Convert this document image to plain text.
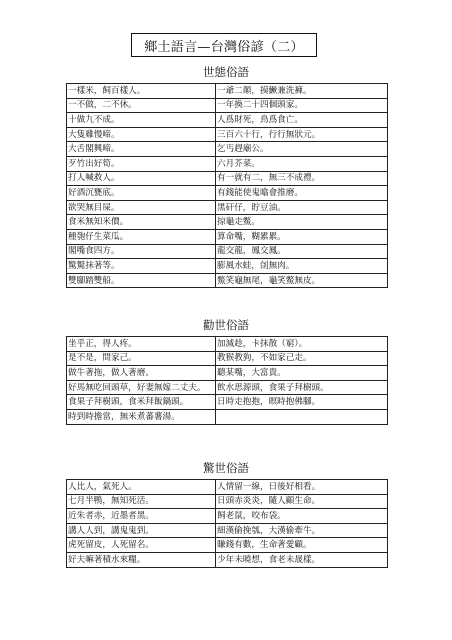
鄉土語言—台灣俗諺（二）
世態俗語
一樣米，飼百樣人。	一爺二顛，摸鱖兼洗褲。
一不做，二不休。	一年換二十四個頭家。
十做九不成。	人爲財死，鳥爲食亡。
大隻雞慢啼。	三百六十行，行行無狀元。
大舌閣興啼。	乞丐趕廟公。
歹竹出好筍。	六月芥菜。
打人喊救人。	有一就有二，無三不成禮。
好酒沉甕底。	有錢能使鬼噏會推磨。
欲哭無目屎。	黑矸仔，貯豆油。
食米無知米價。	掠龜走鱉。
種匏仔生菜瓜。	算命嘴，糊累累。
閣嘴食四方。	龍交龍，鳳交鳳。
驚驚抹著等。	膨風水蛙，刣無肉。
雙腳踏雙船。	鱉笑龜無尾，龜笑鱉無皮。
勸世俗語
坐乎正，得人疼。	加減趁，卡抹散（窮）。
是不是，問家己。	教猴教狗，不如家己走。
做牛著拖，做人著磨。	聽某嘴，大富貴。
好馬無吃回頭草，好妻無嫁二丈夫。	飲水思源頭，食果子拜樹頭。
食果子拜樹頭，食米拜飯鍋頭。	日時走抱抱，暝時抱佛腳。
時到時擔當，無米煮蕃薯湯。	
驚世俗語
人比人，氣死人。	人情留一線，日後好相看。
七月半鴨，無知死活。	日頭赤炎炎，隨人顧生命。
近朱者赤，近墨者黑。	飼老鼠，咬布袋。
講人人到，講鬼鬼到。	細漢偷挽瓠，大漢偷牽牛。
虎死留皮，人死留名。	賺錢有數，生命著愛顧。
好夫嘛著積水來糧。	少年未曉想，食老未晟樣。
